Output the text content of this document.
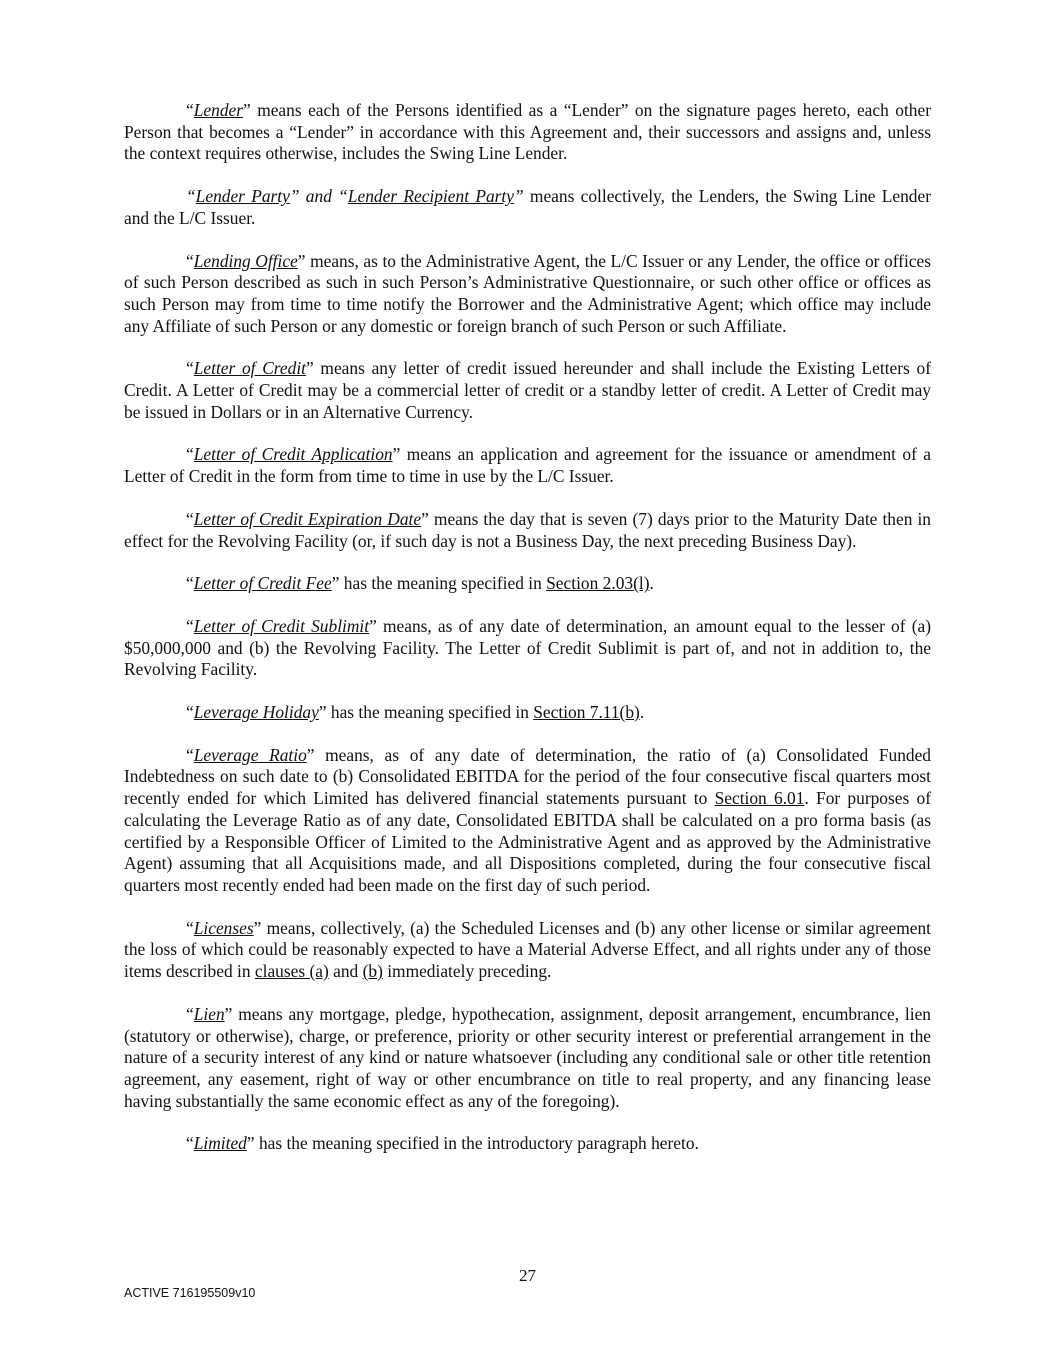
“Lender” means each of the Persons identified as a “Lender” on the signature pages hereto, each other Person that becomes a “Lender” in accordance with this Agreement and, their successors and assigns and, unless the context requires otherwise, includes the Swing Line Lender.

“Lender Party” and “Lender Recipient Party” means collectively, the Lenders, the Swing Line Lender and the L/C Issuer.

“Lending Office” means, as to the Administrative Agent, the L/C Issuer or any Lender, the office or offices of such Person described as such in such Person’s Administrative Questionnaire, or such other office or offices as such Person may from time to time notify the Borrower and the Administrative Agent; which office may include any Affiliate of such Person or any domestic or foreign branch of such Person or such Affiliate.

“Letter of Credit” means any letter of credit issued hereunder and shall include the Existing Letters of Credit. A Letter of Credit may be a commercial letter of credit or a standby letter of credit. A Letter of Credit may be issued in Dollars or in an Alternative Currency.

“Letter of Credit Application” means an application and agreement for the issuance or amendment of a Letter of Credit in the form from time to time in use by the L/C Issuer.

“Letter of Credit Expiration Date” means the day that is seven (7) days prior to the Maturity Date then in effect for the Revolving Facility (or, if such day is not a Business Day, the next preceding Business Day).

“Letter of Credit Fee” has the meaning specified in Section 2.03(l).

“Letter of Credit Sublimit” means, as of any date of determination, an amount equal to the lesser of (a) $50,000,000 and (b) the Revolving Facility. The Letter of Credit Sublimit is part of, and not in addition to, the Revolving Facility.

“Leverage Holiday” has the meaning specified in Section 7.11(b).

“Leverage Ratio” means, as of any date of determination, the ratio of (a) Consolidated Funded Indebtedness on such date to (b) Consolidated EBITDA for the period of the four consecutive fiscal quarters most recently ended for which Limited has delivered financial statements pursuant to Section 6.01. For purposes of calculating the Leverage Ratio as of any date, Consolidated EBITDA shall be calculated on a pro forma basis (as certified by a Responsible Officer of Limited to the Administrative Agent and as approved by the Administrative Agent) assuming that all Acquisitions made, and all Dispositions completed, during the four consecutive fiscal quarters most recently ended had been made on the first day of such period.

“Licenses” means, collectively, (a) the Scheduled Licenses and (b) any other license or similar agreement the loss of which could be reasonably expected to have a Material Adverse Effect, and all rights under any of those items described in clauses (a) and (b) immediately preceding.

“Lien” means any mortgage, pledge, hypothecation, assignment, deposit arrangement, encumbrance, lien (statutory or otherwise), charge, or preference, priority or other security interest or preferential arrangement in the nature of a security interest of any kind or nature whatsoever (including any conditional sale or other title retention agreement, any easement, right of way or other encumbrance on title to real property, and any financing lease having substantially the same economic effect as any of the foregoing).

“Limited” has the meaning specified in the introductory paragraph hereto.

27
ACTIVE 716195509v10
